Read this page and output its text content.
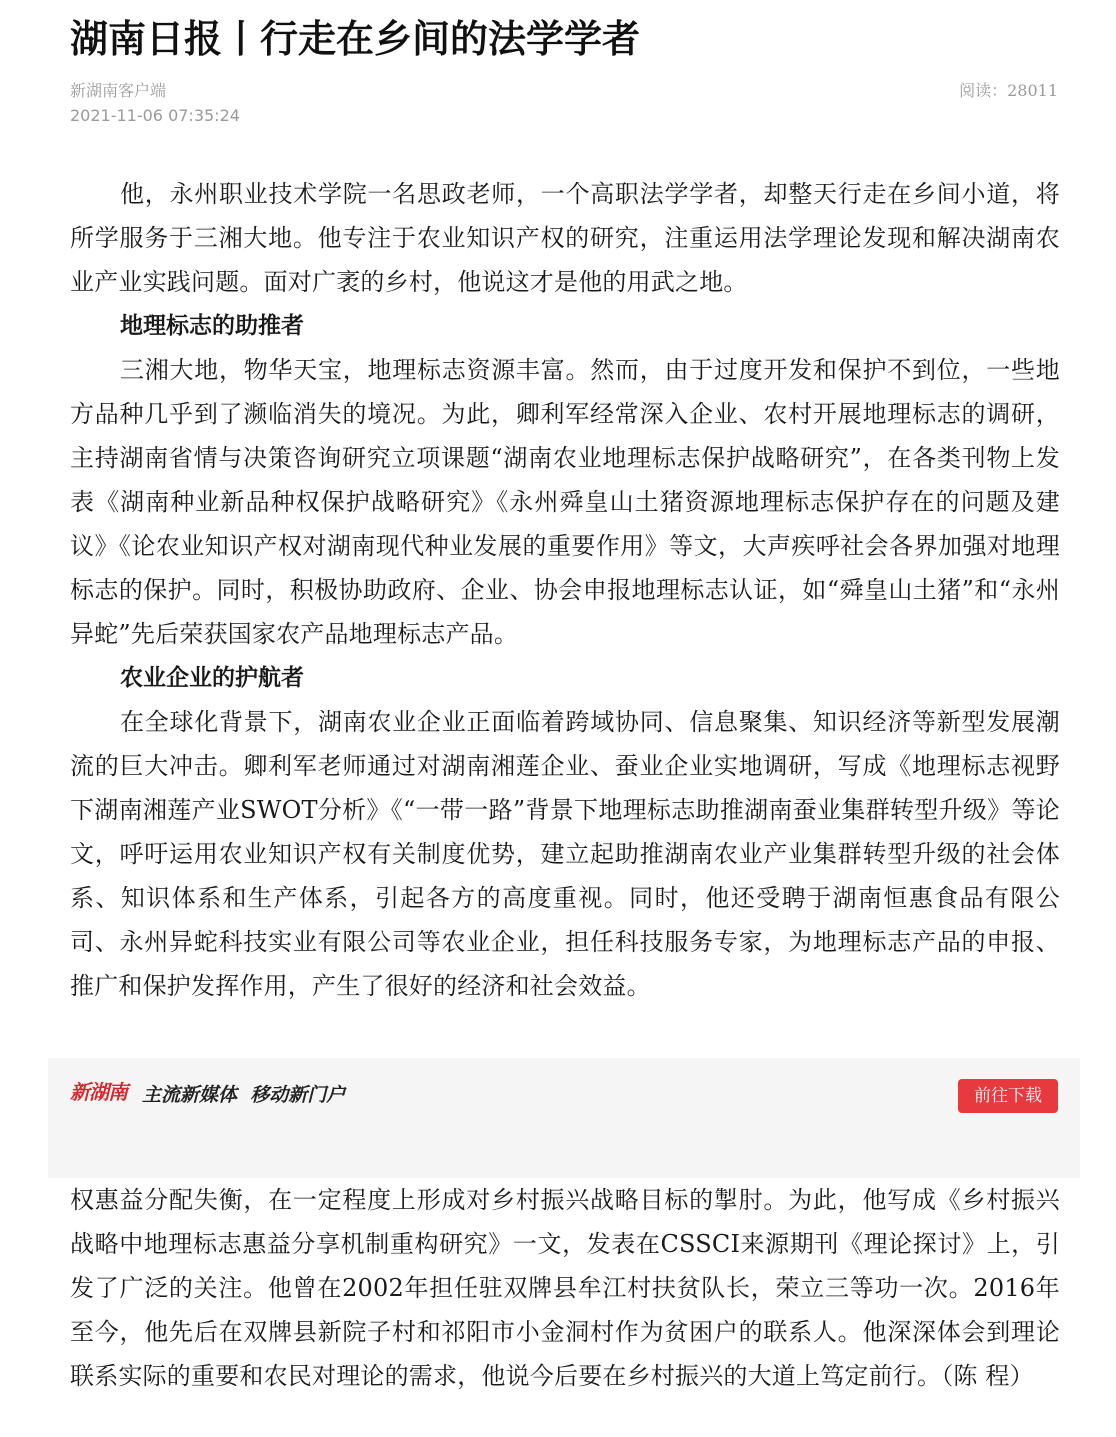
湖南日报丨行走在乡间的法学学者
新湖南客户端
2021-11-06 07:35:24
阅读：28011

他，永州职业技术学院一名思政老师，一个高职法学学者，却整天行走在乡间小道，将所学服务于三湘大地。他专注于农业知识产权的研究，注重运用法学理论发现和解决湖南农业产业实践问题。面对广袤的乡村，他说这才是他的用武之地。

地理标志的助推者

三湘大地，物华天宝，地理标志资源丰富。然而，由于过度开发和保护不到位，一些地方品种几乎到了濒临消失的境况。为此，卿利军经常深入企业、农村开展地理标志的调研，主持湖南省情与决策咨询研究立项课题“湖南农业地理标志保护战略研究”，在各类刊物上发表《湖南种业新品种权保护战略研究》《永州舜皇山土猪资源地理标志保护存在的问题及建议》《论农业知识产权对湖南现代种业发展的重要作用》等文，大声疾呼社会各界加强对地理标志的保护。同时，积极协助政府、企业、协会申报地理标志认证，如“舜皇山土猪”和“永州异蛇”先后荣获国家农产品地理标志产品。

农业企业的护航者

在全球化背景下，湖南农业企业正面临着跨域协同、信息聚集、知识经济等新型发展潮流的巨大冲击。卿利军老师通过对湖南湘莲企业、蚕业企业实地调研，写成《地理标志视野下湖南湘莲产业SWOT分析》《“一带一路”背景下地理标志助推湖南蚕业集群转型升级》等论文，呼吁运用农业知识产权有关制度优势，建立起助推湖南农业产业集群转型升级的社会体系、知识体系和生产体系，引起各方的高度重视。同时，他还受聘于湖南恒惠食品有限公司、永州异蛇科技实业有限公司等农业企业，担任科技服务专家，为地理标志产品的申报、推广和保护发挥作用，产生了很好的经济和社会效益。

新湖南 主流新媒体  移动新门户	前往下载

权惠益分配失衡，在一定程度上形成对乡村振兴战略目标的掣肘。为此，他写成《乡村振兴战略中地理标志惠益分享机制重构研究》一文，发表在CSSCI来源期刊《理论探讨》上，引发了广泛的关注。他曾在2002年担任驻双牌县牟江村扶贫队长，荣立三等功一次。2016年至今，他先后在双牌县新院子村和祁阳市小金洞村作为贫困户的联系人。他深深体会到理论联系实际的重要和农民对理论的需求，他说今后要在乡村振兴的大道上笃定前行。（陈 程）
